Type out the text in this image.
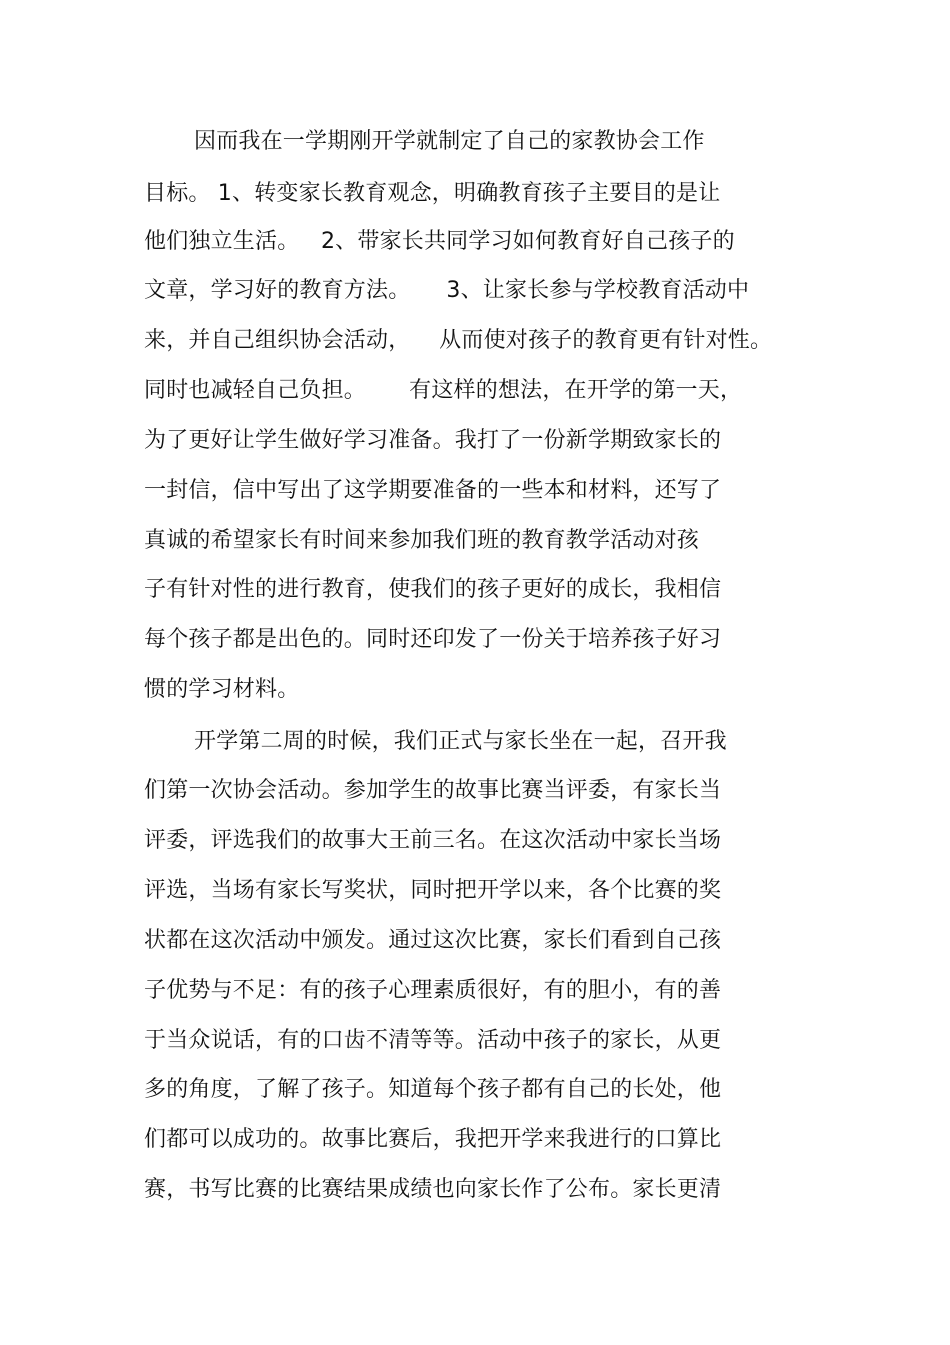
因而我在一学期刚开学就制定了自己的家教协会工作
目标。 1、转变家长教育观念，明确教育孩子主要目的是让
他们独立生活。   2、带家长共同学习如何教育好自己孩子的
文章，学习好的教育方法。     3、让家长参与学校教育活动中
来，并自己组织协会活动，    从而使对孩子的教育更有针对性。
同时也减轻自己负担。      有这样的想法，在开学的第一天，
为了更好让学生做好学习准备。我打了一份新学期致家长的
一封信，信中写出了这学期要准备的一些本和材料，还写了
真诚的希望家长有时间来参加我们班的教育教学活动对孩
子有针对性的进行教育，使我们的孩子更好的成长，我相信
每个孩子都是出色的。同时还印发了一份关于培养孩子好习
惯的学习材料。
开学第二周的时候，我们正式与家长坐在一起，召开我
们第一次协会活动。参加学生的故事比赛当评委，有家长当
评委，评选我们的故事大王前三名。在这次活动中家长当场
评选，当场有家长写奖状，同时把开学以来，各个比赛的奖
状都在这次活动中颁发。通过这次比赛，家长们看到自己孩
子优势与不足：有的孩子心理素质很好，有的胆小，有的善
于当众说话，有的口齿不清等等。活动中孩子的家长，从更
多的角度，了解了孩子。知道每个孩子都有自己的长处，他
们都可以成功的。故事比赛后，我把开学来我进行的口算比
赛，书写比赛的比赛结果成绩也向家长作了公布。家长更清
